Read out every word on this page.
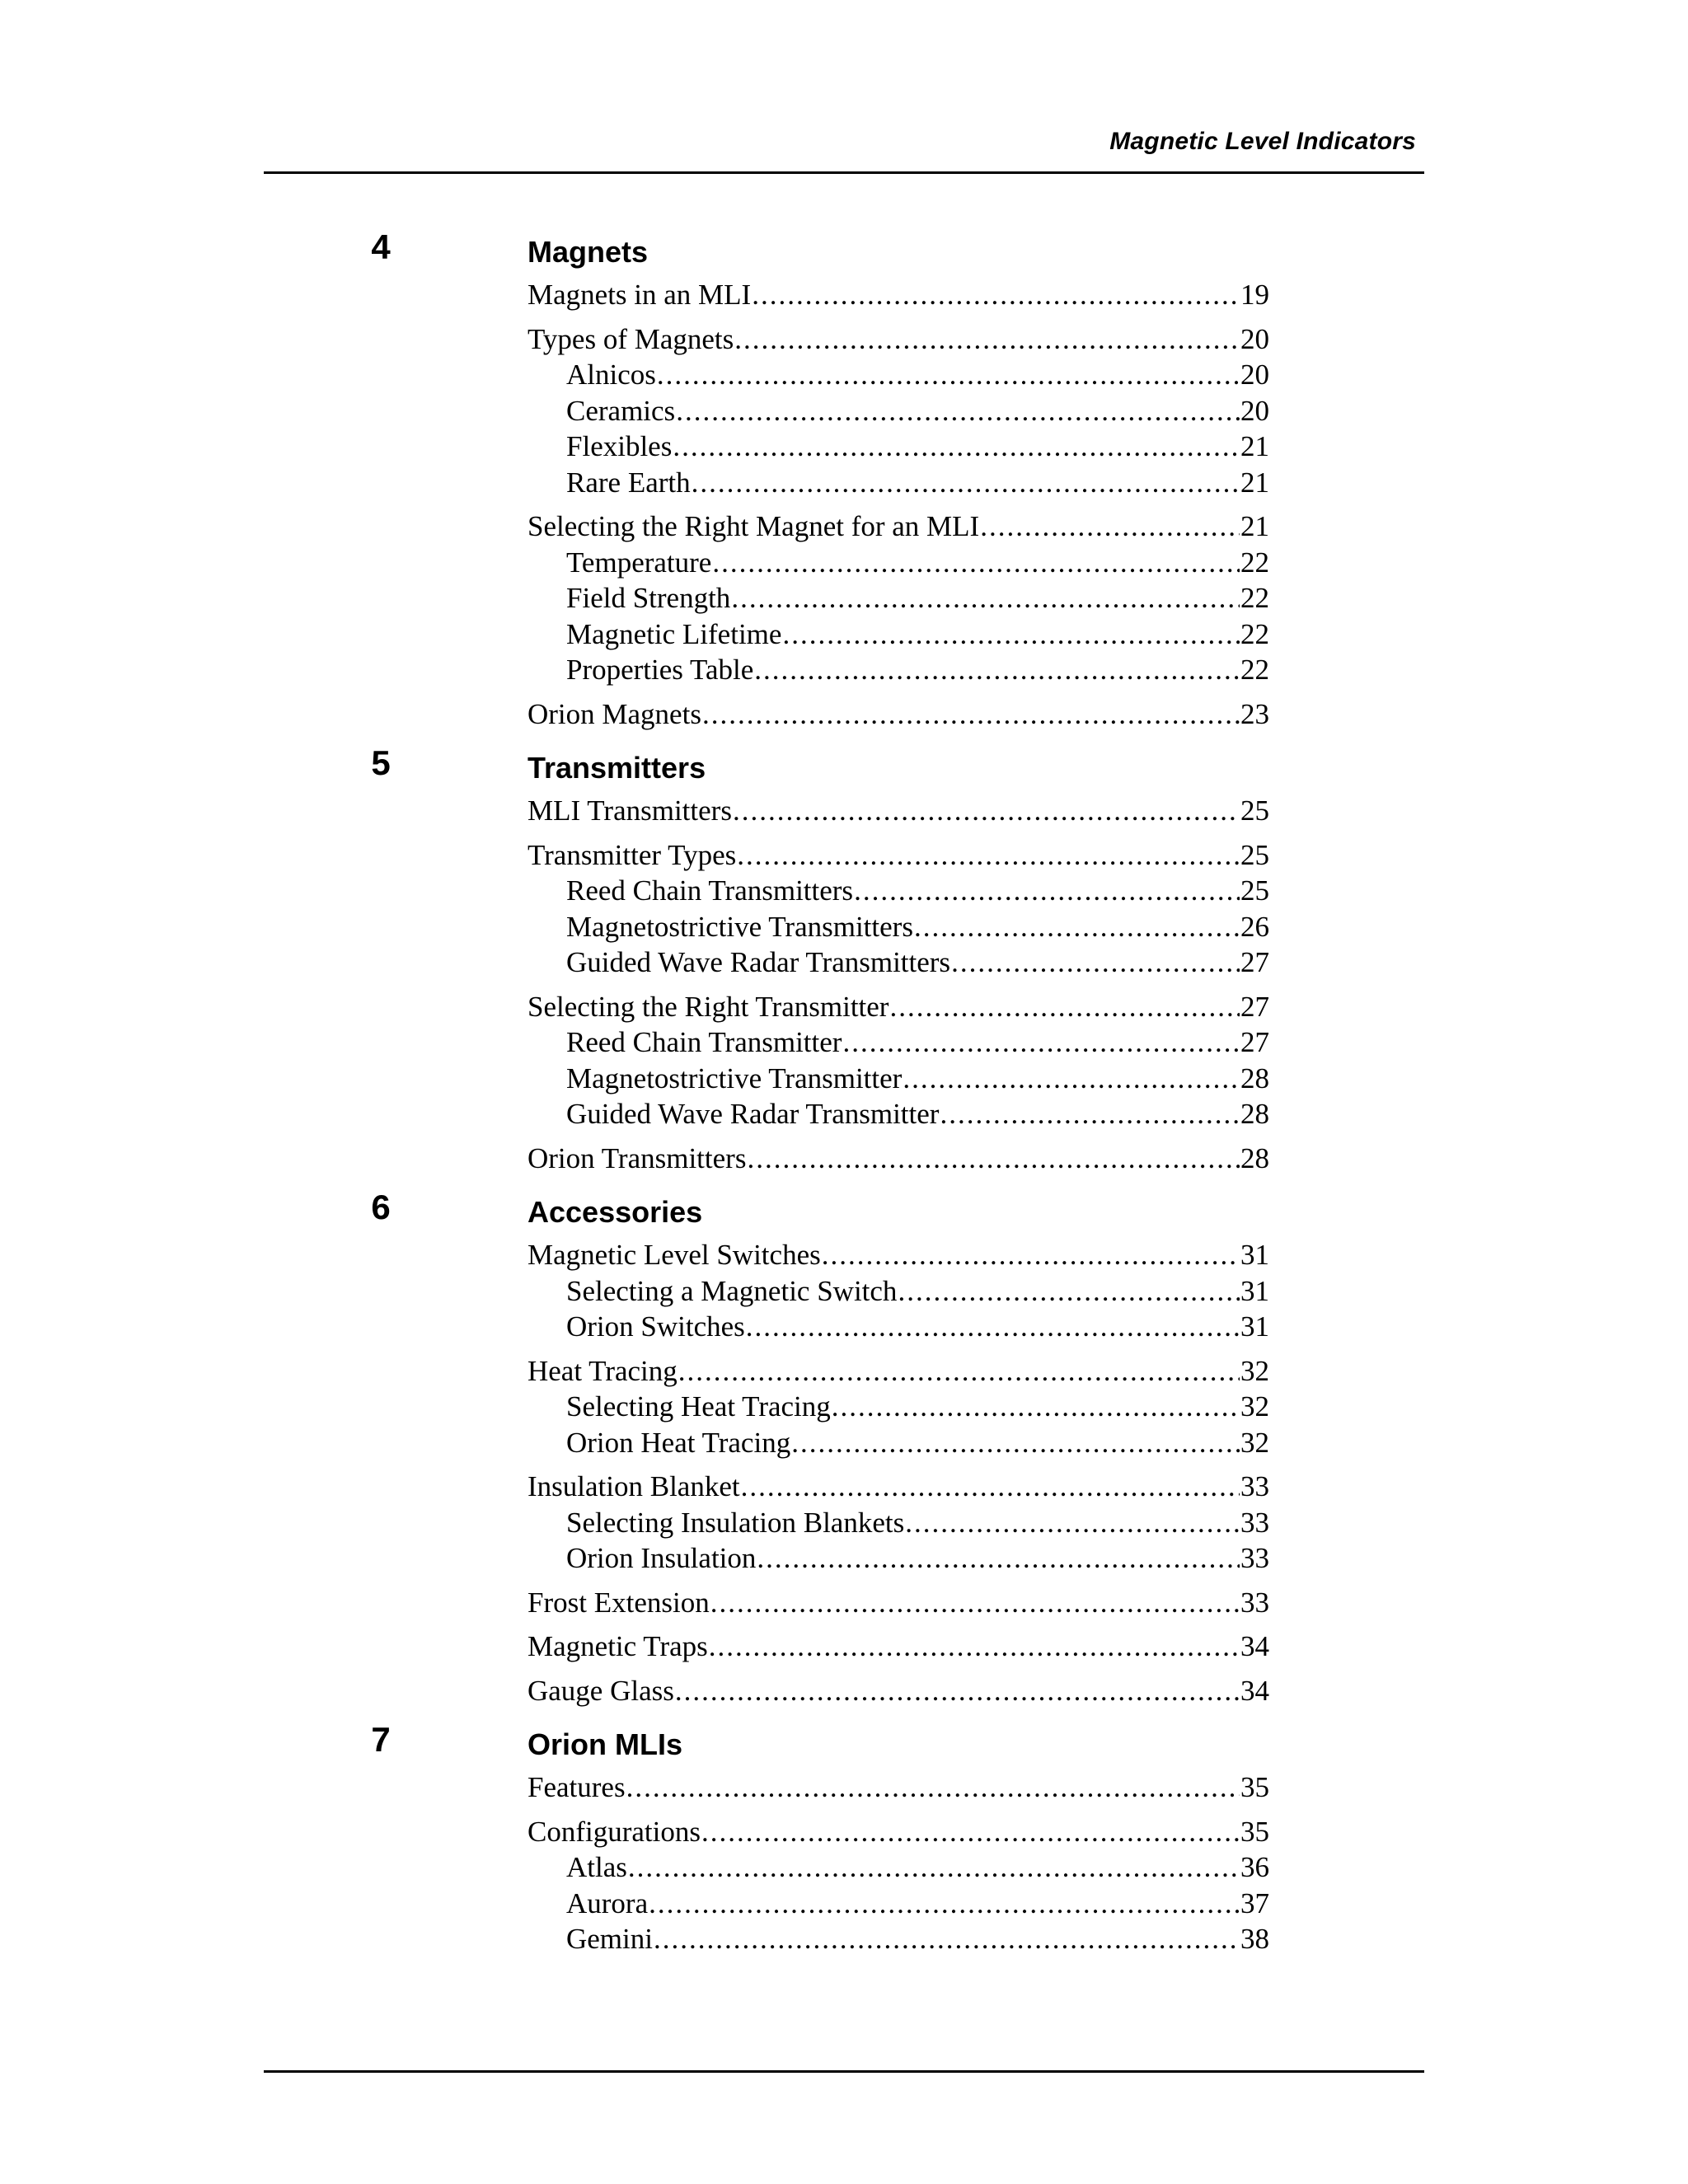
Magnetic Level Indicators
4	Magnets
Magnets in an MLI .....	19
Types of Magnets .....	20
Alnicos .....	20
Ceramics .....	20
Flexibles .....	21
Rare Earth .....	21
Selecting the Right Magnet for an MLI .....	21
Temperature .....	22
Field Strength .....	22
Magnetic Lifetime .....	22
Properties Table .....	22
Orion Magnets .....	23
5	Transmitters
MLI Transmitters .....	25
Transmitter Types .....	25
Reed Chain Transmitters .....	25
Magnetostrictive Transmitters .....	26
Guided Wave Radar Transmitters .....	27
Selecting the Right Transmitter .....	27
Reed Chain Transmitter .....	27
Magnetostrictive Transmitter .....	28
Guided Wave Radar Transmitter .....	28
Orion Transmitters .....	28
6	Accessories
Magnetic Level Switches .....	31
Selecting a Magnetic Switch .....	31
Orion Switches .....	31
Heat Tracing .....	32
Selecting Heat Tracing .....	32
Orion Heat Tracing .....	32
Insulation Blanket .....	33
Selecting Insulation Blankets .....	33
Orion Insulation .....	33
Frost Extension .....	33
Magnetic Traps .....	34
Gauge Glass .....	34
7	Orion MLIs
Features .....	35
Configurations .....	35
Atlas .....	36
Aurora .....	37
Gemini .....	38
